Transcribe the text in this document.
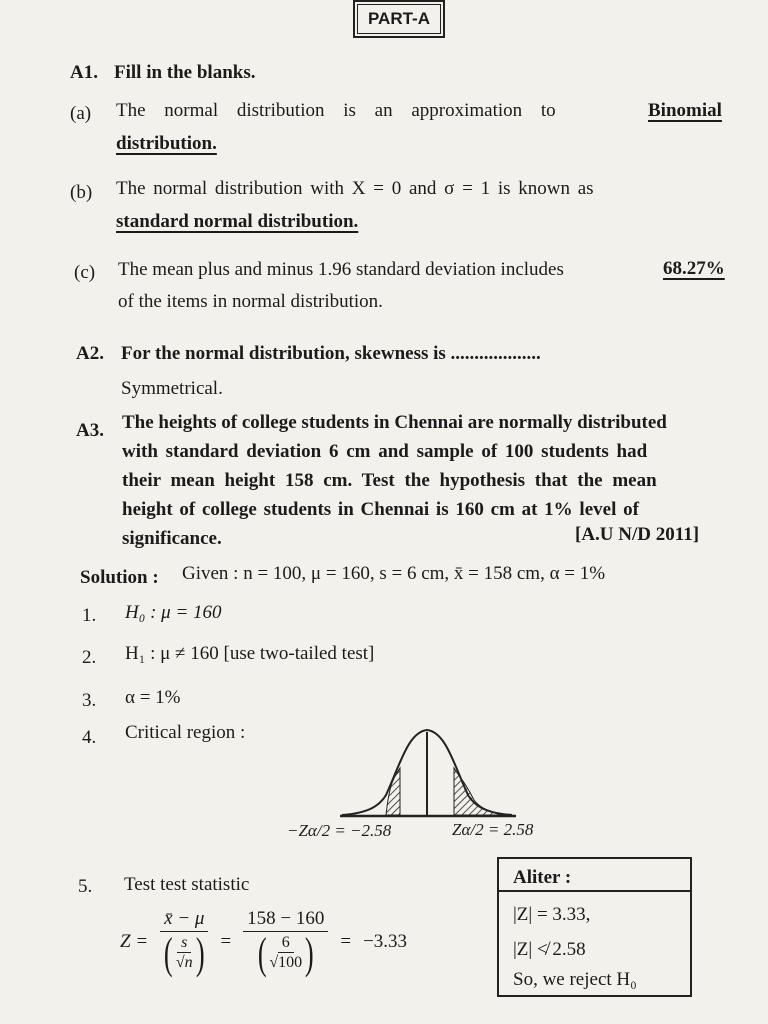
PART-A
A1. Fill in the blanks.
(a) The normal distribution is an approximation to	Binomial
distribution.
(b) The normal distribution with X = 0 and σ = 1 is known as
standard normal distribution.
(c) The mean plus and minus 1.96 standard deviation includes	68.27%
of the items in normal distribution.
A2. For the normal distribution, skewness is ...................
Symmetrical.
A3. The heights of college students in Chennai are normally distributed
with standard deviation 6 cm and sample of 100 students had
their mean height 158 cm. Test the hypothesis that the mean
height of college students in Chennai is 160 cm at 1% level of
significance.	[A.U N/D 2011]
Solution : Given : n = 100, μ = 160, s = 6 cm, x̄ = 158 cm, α = 1%
1. H₀ : μ = 160
2. H₁ : μ ≠ 160 [use two-tailed test]
3. α = 1%
4. Critical region :
−Zα/2 = −2.58	Zα/2 = 2.58
5. Test test statistic
$Z = \frac{x̄ - \mu}{( \frac{s}{√n} )} = \frac{158 - 160}{( \frac{6}{√100} )} = -3.33$
Aliter :
|Z| = 3.33,
|Z| ≮ 2.58
So, we reject H₀
